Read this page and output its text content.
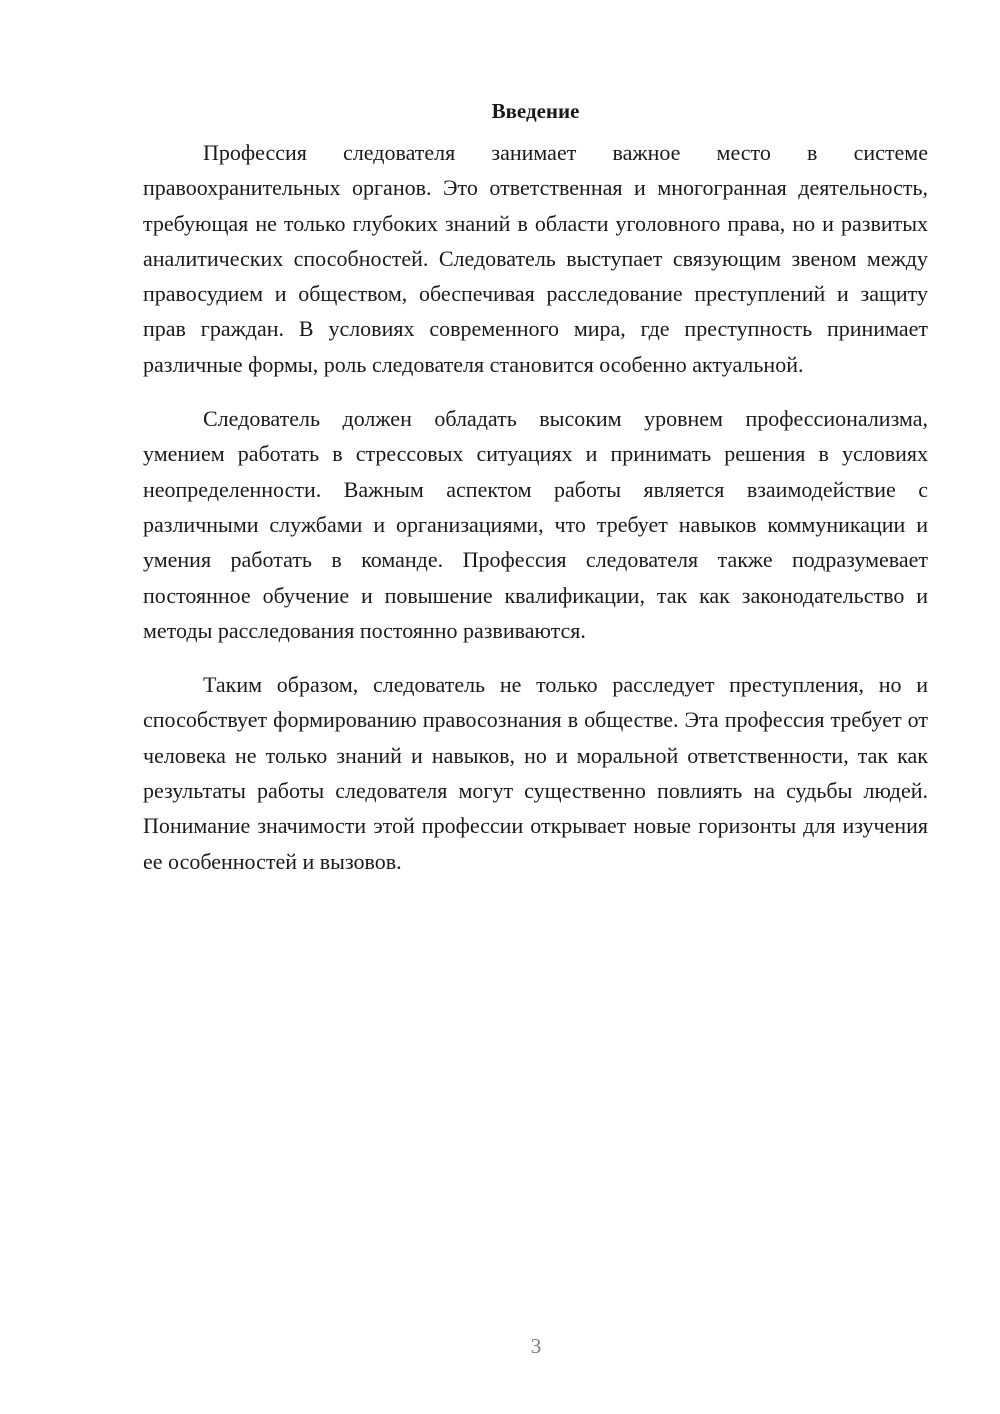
Введение

Профессия следователя занимает важное место в системе правоохранительных органов. Это ответственная и многогранная деятельность, требующая не только глубоких знаний в области уголовного права, но и развитых аналитических способностей. Следователь выступает связующим звеном между правосудием и обществом, обеспечивая расследование преступлений и защиту прав граждан. В условиях современного мира, где преступность принимает различные формы, роль следователя становится особенно актуальной.

Следователь должен обладать высоким уровнем профессионализма, умением работать в стрессовых ситуациях и принимать решения в условиях неопределенности. Важным аспектом работы является взаимодействие с различными службами и организациями, что требует навыков коммуникации и умения работать в команде. Профессия следователя также подразумевает постоянное обучение и повышение квалификации, так как законодательство и методы расследования постоянно развиваются.

Таким образом, следователь не только расследует преступления, но и способствует формированию правосознания в обществе. Эта профессия требует от человека не только знаний и навыков, но и моральной ответственности, так как результаты работы следователя могут существенно повлиять на судьбы людей. Понимание значимости этой профессии открывает новые горизонты для изучения ее особенностей и вызовов.

3
